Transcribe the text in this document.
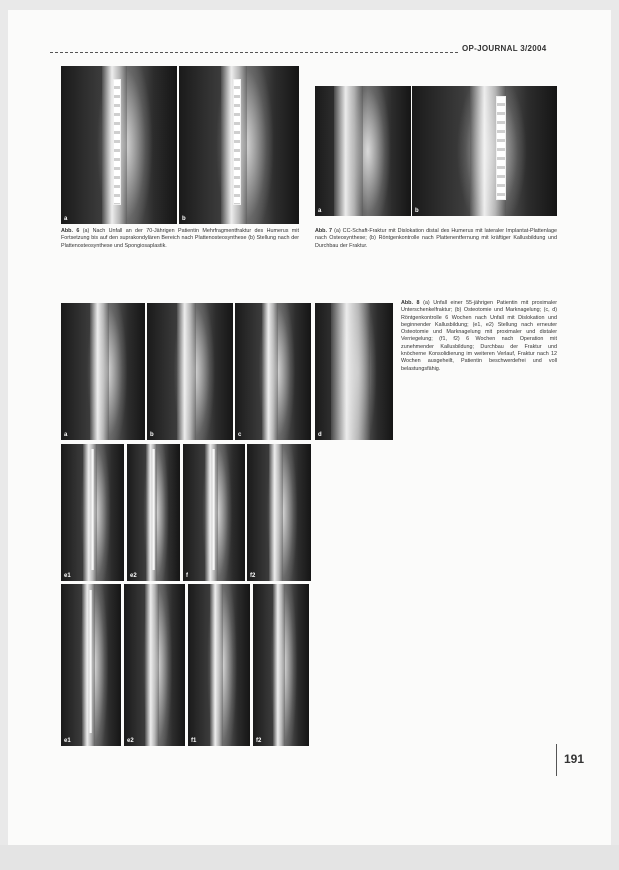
OP-JOURNAL 3/2004
a	b
a	b
Abb. 6 (a) Nach Unfall an der 70-Jährigen Patientin Mehrfragmentfraktur des Humerus mit Fortsetzung bis auf den suprakondylären Bereich nach Plattenosteosynthese (b) Stellung nach der Plattenosteosynthese und Spongiosaplastik.
Abb. 7 (a) CC-Schaft-Fraktur mit Dislokation distal des Humerus mit lateraler Implantat-Plattenlage nach Osteosynthese; (b) Röntgenkontrolle nach Plattenentfernung mit kräftiger Kallusbildung und Durchbau der Fraktur.
a	b	c	d
e1	e2	f	f2
e1	e2	f1	f2
Abb. 8 (a) Unfall einer 55-jährigen Patientin mit proximaler Unterschenkelfraktur; (b) Osteotomie und Marknagelung; (c, d) Röntgenkontrolle 6 Wochen nach Unfall mit Dislokation und beginnender Kallusbildung; (e1, e2) Stellung nach erneuter Osteotomie und Marknagelung mit proximaler und distaler Verriegelung; (f1, f2) 6 Wochen nach Operation mit zunehmender Kallusbildung; Durchbau der Fraktur und knöcherne Konsolidierung im weiteren Verlauf, Fraktur nach 12 Wochen ausgeheilt, Patientin beschwerdefrei und voll belastungsfähig.
191
